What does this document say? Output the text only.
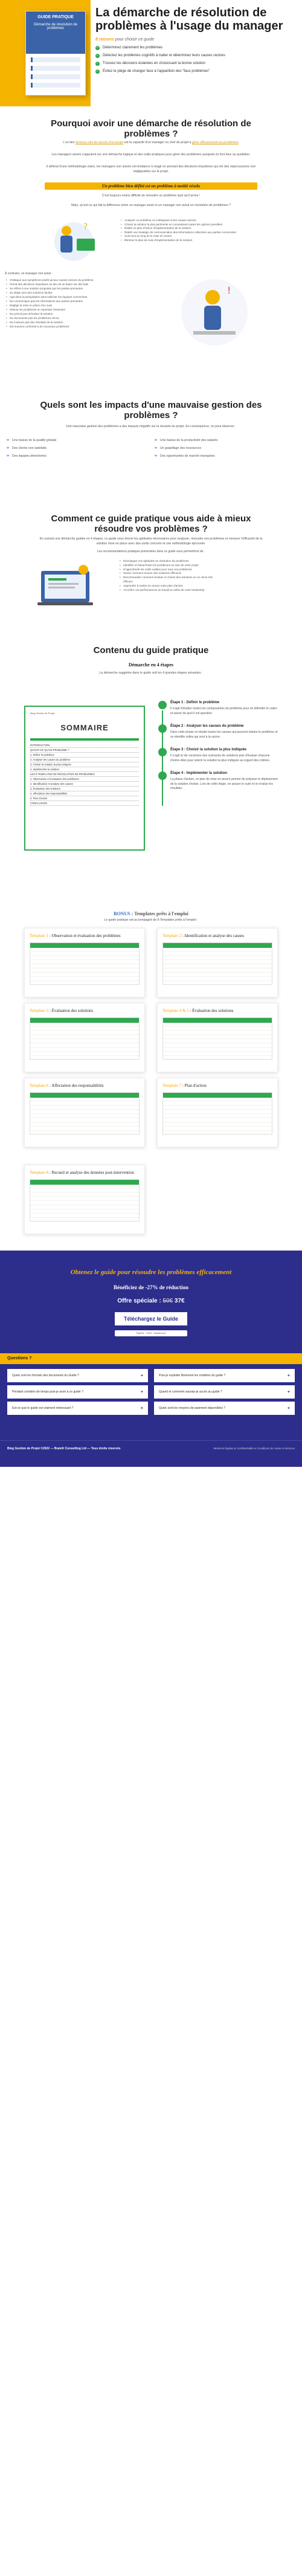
GUIDE PRATIQUE
Démarche de résolution de problèmes
La démarche de résolution de problèmes à l'usage du manager

8 raisons pour choisir ce guide

✓ Déterminez clairement les problèmes
✓ Détectez les problèmes cognitifs à traiter et déterminez leurs causes racines
✓ Trouvez les décisions éclairées en choisissant la bonne solution
✓ Évitez le piège de changer face à l'apparition des “faux problèmes”
Pourquoi avoir une démarche de résolution de problèmes ?

L'un des facteurs clés de succès d'un projet est la capacité d'un manager ou chef de projet à gérer efficacement les problèmes.

Les managers avisés s'appuient sur une démarche logique et des outils pratiques pour gérer des problèmes auxquels ils font face au quotidien.

Il défend d'une méthodologie claire, les managers non avisés ont tendance à réagir en prenant des décisions impulsives qui ont des répercussions non négligeables sur le projet.

Un problème bien défini est un problème à moitié résolu

C'est toujours moins difficile de résoudre un problème quel qu'il arrive !

Mais, qu'est-ce qui fait la différence entre un manager avisé et un manager non avisé en résolution de problèmes ?

?
• Analyser un problème en s'attaquant à ses causes racines
• Choisir la solution la plus pertinente en connaissant toutes les options possibles
• Établir un plan d'action d'implémentation de la solution
• Établir une stratégie de communication des informations collectées aux parties concernées
• Suivi tout au long de la mise en œuvre
• Éliminer le plan de suivi d'implémentation de la solution

À contrario, un manager non avisé :

• S'attaque aux symptômes plutôt qu'aux causes racines du problème
• Prend des décisions impulsives au lieu de se baser sur des faits
• Se réfère à une solution proposée par les parties prenantes
• Se dirige vers des solutions faciles
• Agit dans la précipitation sans solliciter les équipes concernées
• Ne communique pas les informations aux parties prenantes
• Néglige la mise en place d'un suivi
• Résout les problèmes en reportant l'essentiel
• Ne prévoit pas d'évaluer la solution
• Ne documente pas les problèmes vécus
• Ne s'assure pas des résultats de la solution
• Est souvent confronté à de nouveaux problèmes
!
Quels sont les impacts d'une mauvaise gestion des problèmes ?

Une mauvaise gestion des problèmes a des impacts négatifs sur la réussite du projet. En conséquence, on peut observer :

➜ Une baisse de la qualité globale	➜ Une baisse de la productivité des salariés
➜ Des clients non satisfaits	➜ Un gaspillage des ressources
➜ Des équipes démotivées	➜ Des opportunités de marché manquées
Comment ce guide pratique vous aide à mieux résoudre vos problèmes ?

En suivant une démarche guidée en 4 étapes, ce guide vous donne les aptitudes nécessaires pour analyser, résoudre vos problèmes et mesurer l'efficacité de la solution mise en place avec des outils concrets et une méthodologie éprouvée.

Les recommandations pratiques présentées dans ce guide vous permettront de :

• Développer vos aptitudes en résolution de problèmes
• Identifier et hiérarchiser les problèmes au sein de votre projet
• D'approfondir les outils valides pour tous vos problèmes
• Savoir comment trouver des solutions efficaces
• Recommander comment évaluer et choisir des solutions en un choix très efficace
• Apprendre à mettre en œuvre votre plan d'action
• Accroître vos performances au travail et celles de votre leadership
Contenu du guide pratique
Démarche en 4 étapes

La démarche suggérée dans le guide suit les 4 grandes étapes suivantes :

Blog Gestion de Projet
SOMMAIRE
INTRODUCTION
QU'EST-CE QU'UN PROBLÈME ?
1. Définir le problème
2. Analyser les causes du problème
3. Choisir la solution la plus indiquée
4. Implémenter la solution
LES 8 TEMPLATES DE RÉSOLUTION DE PROBLÈMES
1. Observation et évaluation des problèmes
2. Identification et analyse des causes
3. Évaluation des solutions
4. Affectation des responsabilités
5. Plan d'action
CONCLUSION
Étape 1 : Définir le problème
Il s'agit d'étudier toutes les composantes du problème pour en délimiter le cadre et savoir de quoi il est question.
Étape 2 : Analyser les causes du problème
Dans cette phase on étudie toutes les causes qui peuvent induire le problème et on identifie celles qui sont à la racine.
Étape 3 : Choisir la solution la plus indiquée
Il s'agit ici de construire des scénarios de solutions puis d'évaluer chacune d'entre elles pour retenir la solution la plus indiquée au regard des critères.
Étape 4 : Implémenter la solution
La phase d'action, ce plan de mise en œuvre permet de préparer le déploiement de la solution choisie. Lors de cette étape, on assure le suivi et on évalue les résultats.
BONUS : Templates prêts à l'emploi

Le guide pratique est accompagné de 8 Templates prêts à l'emploi :

Template 1 : Observation et évaluation des problèmes	Template 2 : Identification et analyse des causes
Template 3 : Évaluation des solutions	Template 4 & 5 : Évaluation des solutions
Template 6 : Affectation des responsabilités	Template 7 : Plan d'action
Template 8 : Recueil et analyse des données post-intervention
Obtenez le guide pour résoudre les problèmes efficacement
Bénéficiez de -27% de réduction
Offre spéciale : 50€ 37€
Téléchargez le Guide
PayPal · VISA · Mastercard
Questions ?
Quels sont les formats des documents du Guide ?	+	Puis-je exploiter librement les modèles du guide ?	+
Pendant combien de temps puis-je avoir à ce guide ?	+	Quand et comment saurais-je accès au guide ?	+
Est-ce que le guide est vraiment intéressant ?	+	Quels sont les moyens de paiement disponibles ?	+
Blog Gestion de Projet ©2022 — Brainfr Consulting Ltd — Tous droits réservés	Mentions légales & Confidentialité et Conditions de Vente et Services
